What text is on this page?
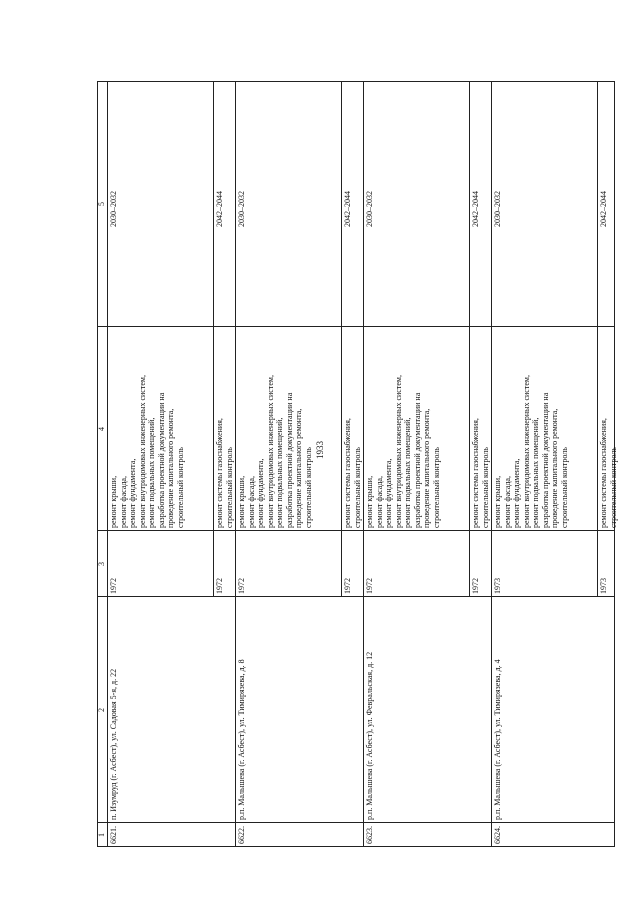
1933
1
2
3
4
5
6621.
п. Изумруд (г. Асбест), ул. Садовая 5-я, д. 22
1972
ремонт крыши, ремонт фасада, ремонт фундамента, ремонт внутридомовых инженерных систем, ремонт подвальных помещений, разработка проектной документации на проведение капитального ремонта, строительный контроль
2030–2032
1972
ремонт системы газоснабжения, строительный контроль
2042–2044
6622.
р.п. Малышева (г. Асбест), ул. Тимирязева, д. 8
1972
ремонт крыши, ремонт фасада, ремонт фундамента, ремонт внутридомовых инженерных систем, ремонт подвальных помещений, разработка проектной документации на проведение капитального ремонта, строительный контроль
2030–2032
1972
ремонт системы газоснабжения, строительный контроль
2042–2044
6623.
р.п. Малышева (г. Асбест), ул. Февральская, д. 12
1972
ремонт крыши, ремонт фасада, ремонт фундамента, ремонт внутридомовых инженерных систем, ремонт подвальных помещений, разработка проектной документации на проведение капитального ремонта, строительный контроль
2030–2032
1972
ремонт системы газоснабжения, строительный контроль
2042–2044
6624.
р.п. Малышева (г. Асбест), ул. Тимирязева, д. 4
1973
ремонт крыши, ремонт фасада, ремонт фундамента, ремонт внутридомовых инженерных систем, ремонт подвальных помещений, разработка проектной документации на проведение капитального ремонта, строительный контроль
2030–2032
1973
ремонт системы газоснабжения, строительный контроль
2042–2044
